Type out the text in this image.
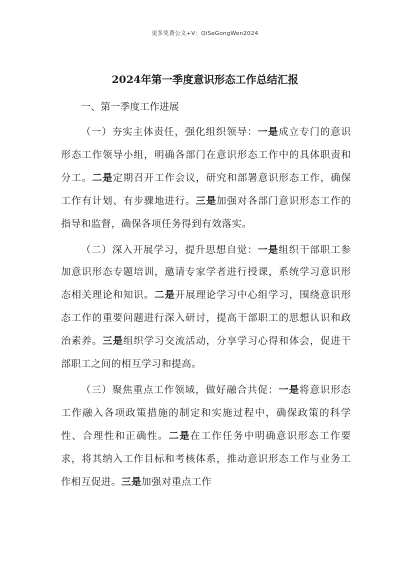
更多免费公文+V：QiSeGongWen2024
2024年第一季度意识形态工作总结汇报
一、第一季度工作进展

（一）夯实主体责任，强化组织领导：一是成立专门的意识形态工作领导小组，明确各部门在意识形态工作中的具体职责和分工。二是定期召开工作会议，研究和部署意识形态工作，确保工作有计划、有步骤地进行。三是加强对各部门意识形态工作的指导和监督，确保各项任务得到有效落实。

（二）深入开展学习，提升思想自觉：一是组织干部职工参加意识形态专题培训，邀请专家学者进行授课，系统学习意识形态相关理论和知识。二是开展理论学习中心组学习，围绕意识形态工作的重要问题进行深入研讨，提高干部职工的思想认识和政治素养。三是组织学习交流活动，分享学习心得和体会，促进干部职工之间的相互学习和提高。

（三）聚焦重点工作领域，做好融合共促：一是将意识形态工作融入各项政策措施的制定和实施过程中，确保政策的科学性、合理性和正确性。二是在工作任务中明确意识形态工作要求，将其纳入工作目标和考核体系，推动意识形态工作与业务工作相互促进。三是加强对重点工作
